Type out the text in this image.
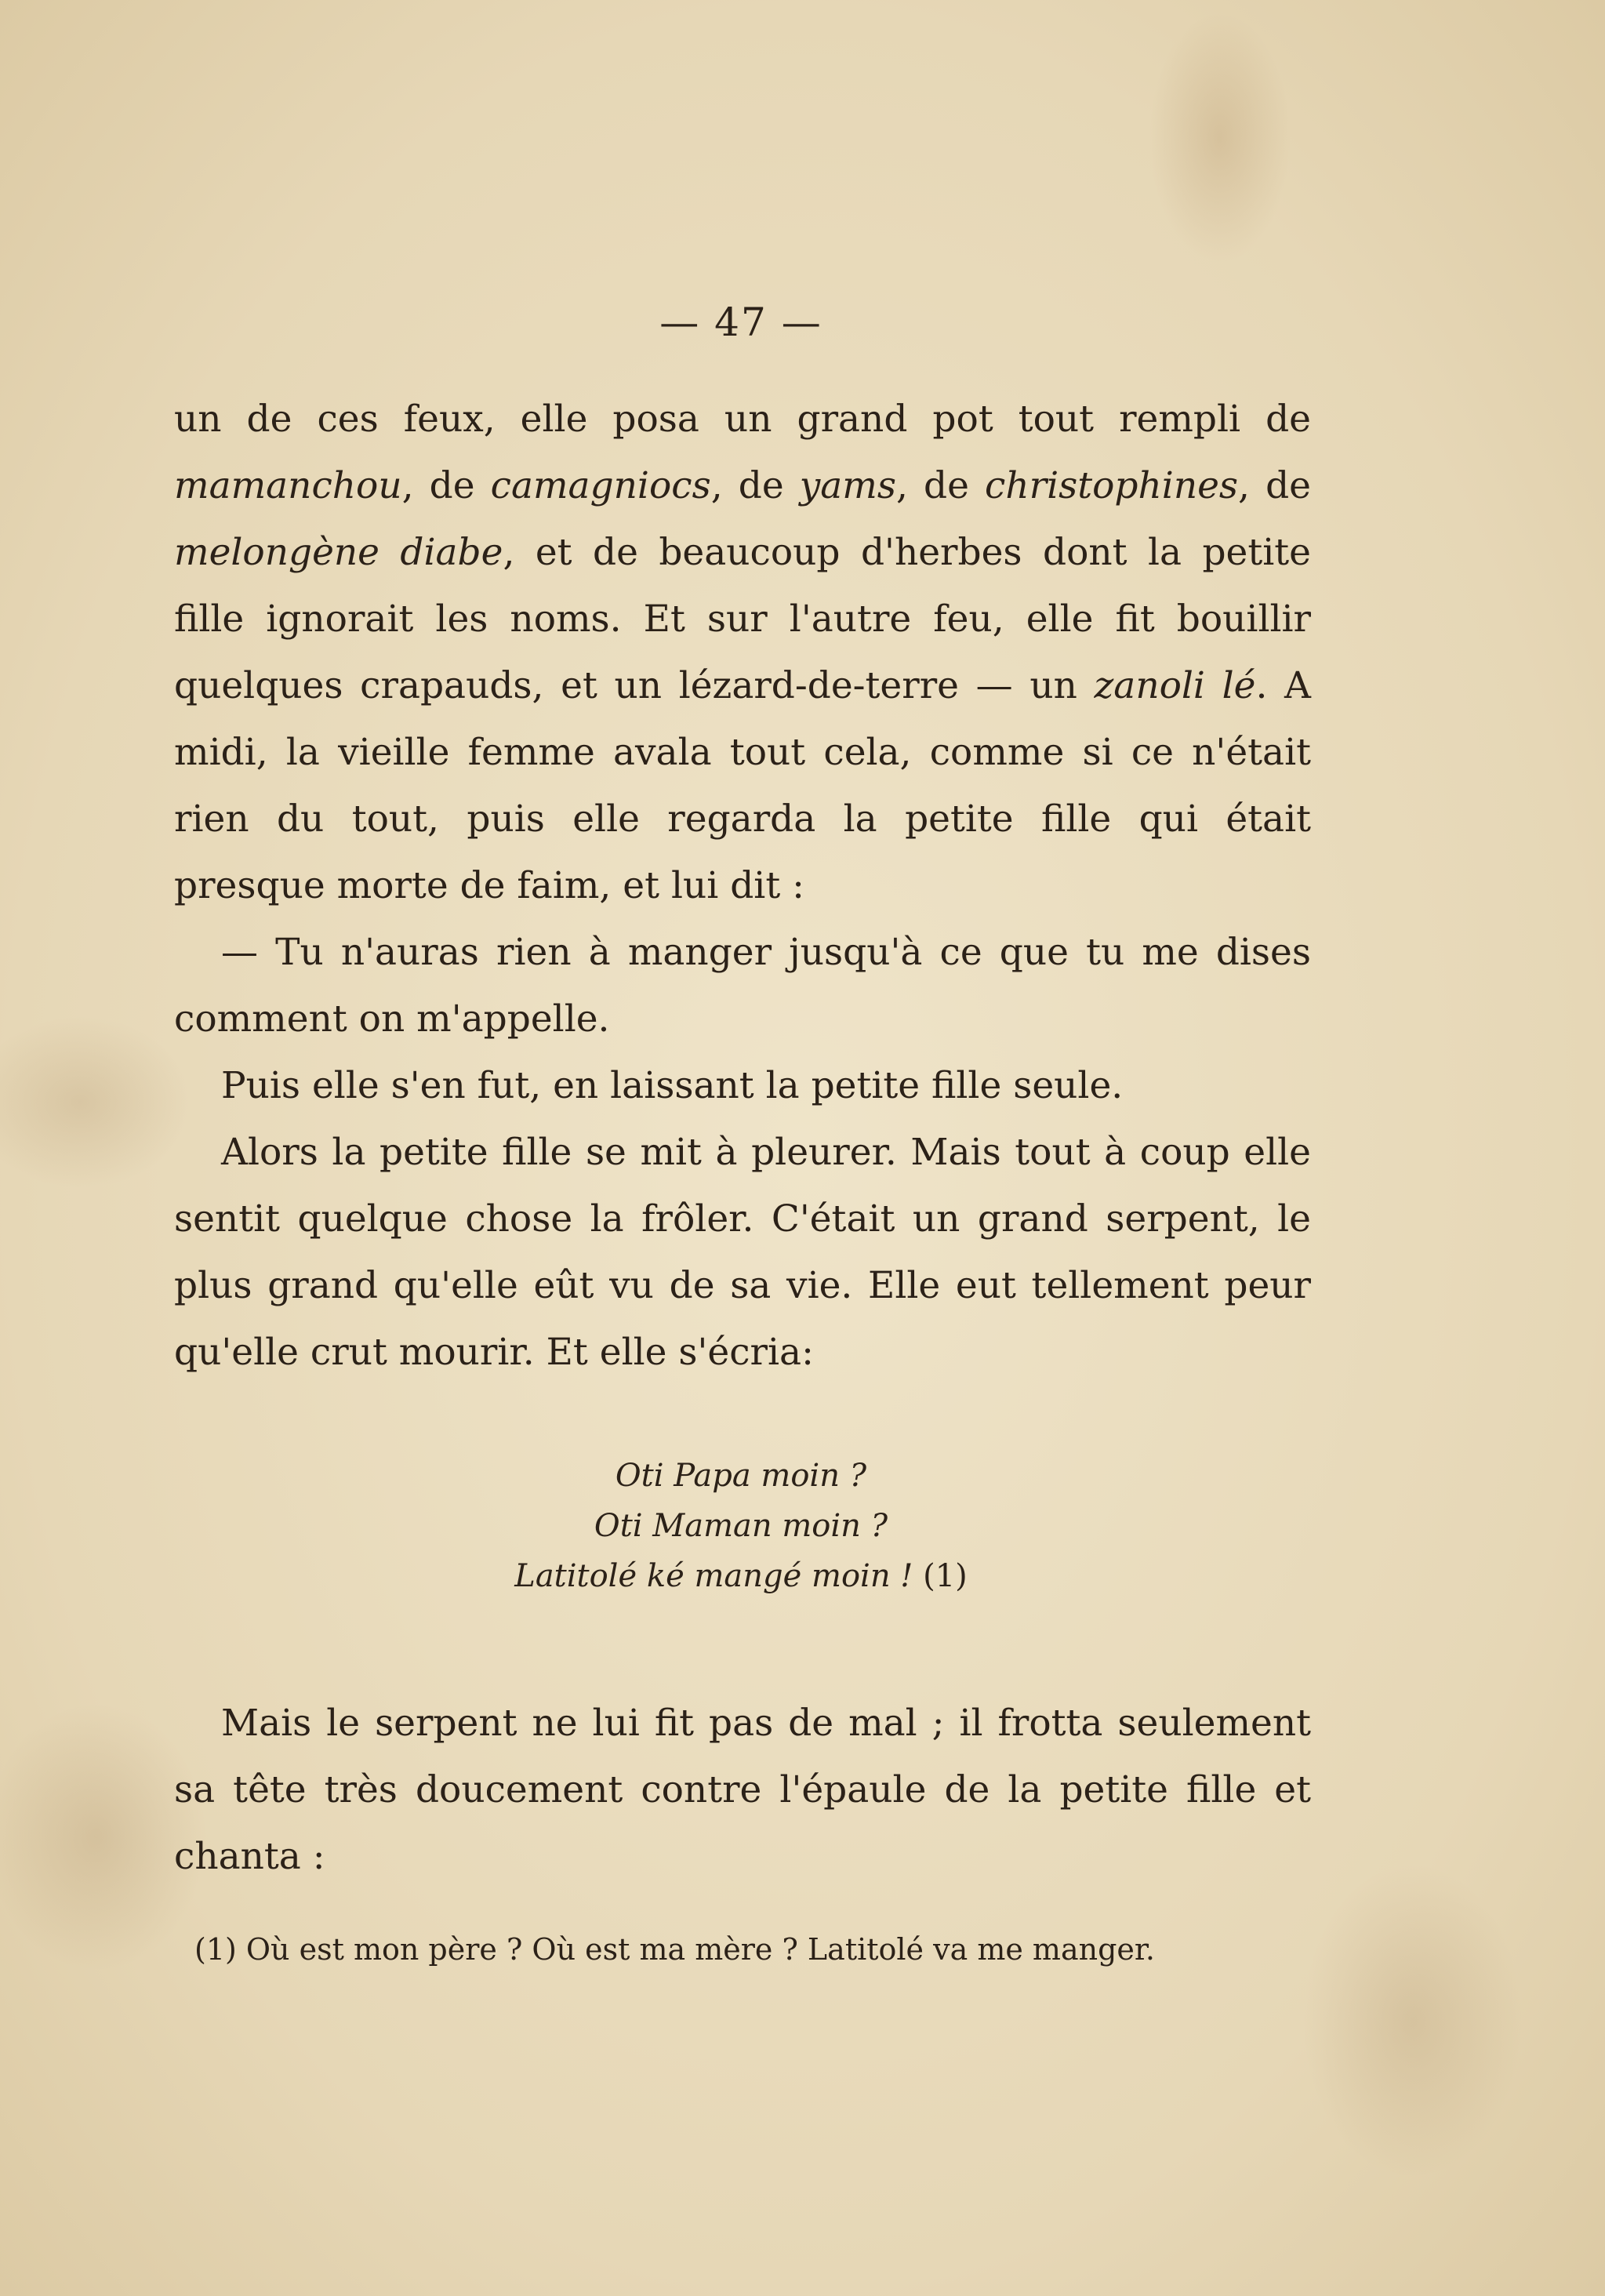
— 47 —

un de ces feux, elle posa un grand pot tout rempli de mamanchou, de camagniocs, de yams, de christophines, de melongène diabe, et de beaucoup d'herbes dont la petite fille ignorait les noms. Et sur l'autre feu, elle fit bouillir quelques crapauds, et un lézard-de-terre — un zanoli lé. A midi, la vieille femme avala tout cela, comme si ce n'était rien du tout, puis elle regarda la petite fille qui était presque morte de faim, et lui dit :

— Tu n'auras rien à manger jusqu'à ce que tu me dises comment on m'appelle.

Puis elle s'en fut, en laissant la petite fille seule.

Alors la petite fille se mit à pleurer. Mais tout à coup elle sentit quelque chose la frôler. C'était un grand serpent, le plus grand qu'elle eût vu de sa vie. Elle eut tellement peur qu'elle crut mourir. Et elle s'écria:

Oti Papa moin ?
Oti Maman moin ?
Latitolé ké mangé moin ! (1)

Mais le serpent ne lui fit pas de mal ; il frotta seulement sa tête très doucement contre l'épaule de la petite fille et chanta :

(1) Où est mon père ? Où est ma mère ? Latitolé va me manger.
